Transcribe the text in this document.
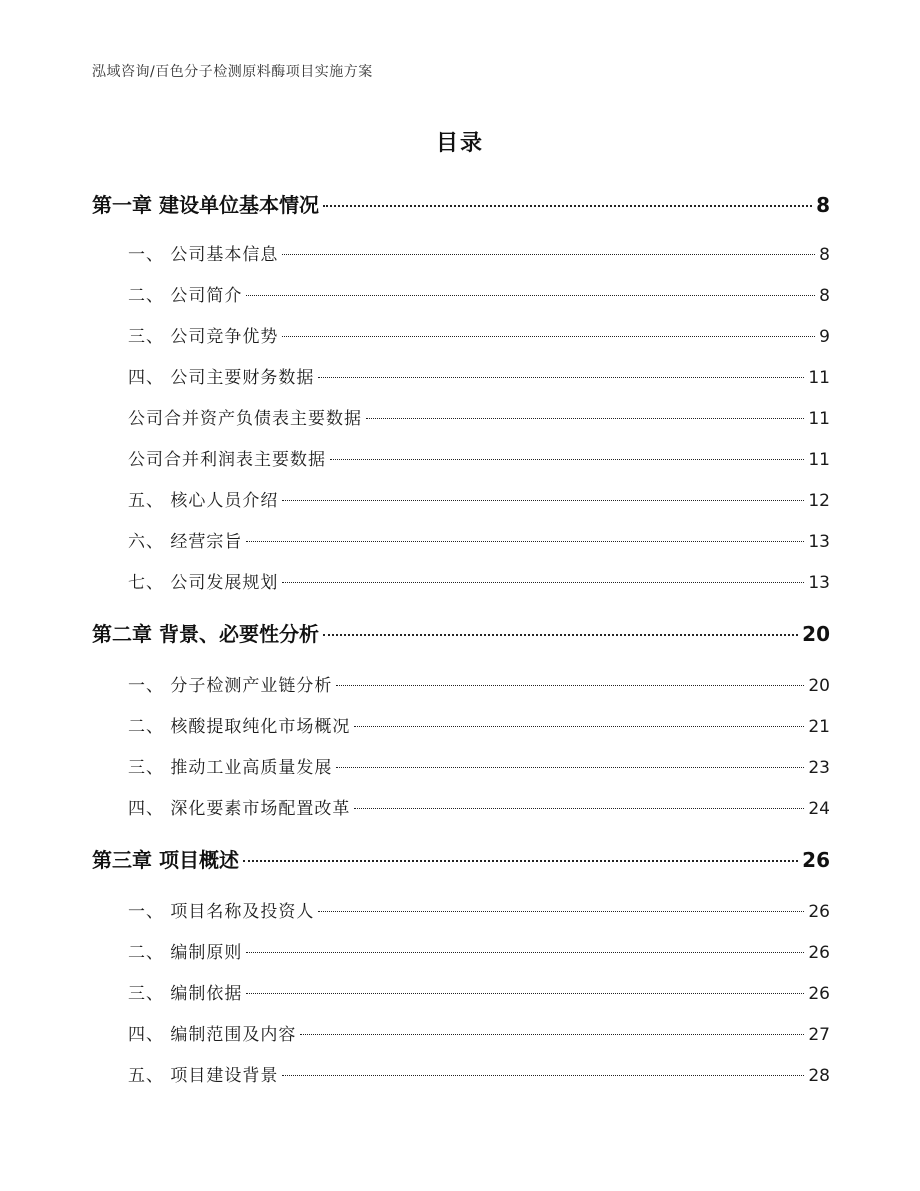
泓域咨询/百色分子检测原料酶项目实施方案
目录
第一章 建设单位基本情况	8
一、 公司基本信息	8
二、 公司简介	8
三、 公司竞争优势	9
四、 公司主要财务数据	11
公司合并资产负债表主要数据	11
公司合并利润表主要数据	11
五、 核心人员介绍	12
六、 经营宗旨	13
七、 公司发展规划	13
第二章 背景、必要性分析	20
一、 分子检测产业链分析	20
二、 核酸提取纯化市场概况	21
三、 推动工业高质量发展	23
四、 深化要素市场配置改革	24
第三章 项目概述	26
一、 项目名称及投资人	26
二、 编制原则	26
三、 编制依据	26
四、 编制范围及内容	27
五、 项目建设背景	28
